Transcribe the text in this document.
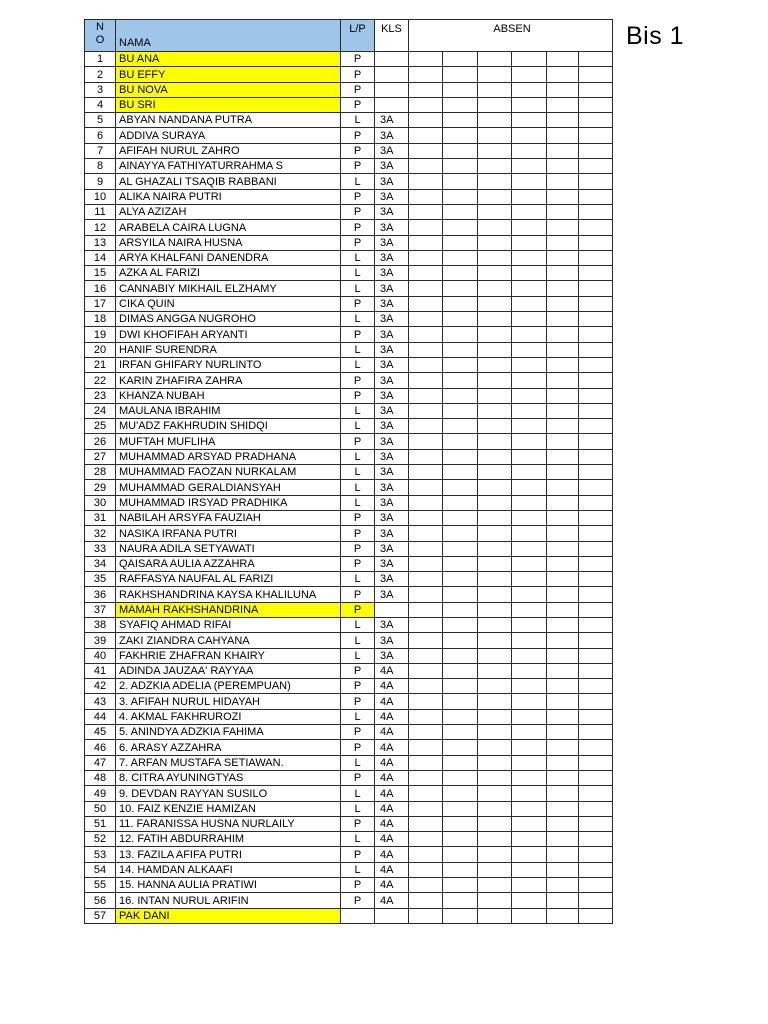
Bis 1
N
O	NAMA	L/P	KLS	ABSEN					
1	BU ANA	P							
2	BU EFFY	P							
3	BU NOVA	P							
4	BU SRI	P							
5	ABYAN NANDANA PUTRA	L	3A						
6	ADDIVA SURAYA	P	3A						
7	AFIFAH NURUL ZAHRO	P	3A						
8	AINAYYA FATHIYATURRAHMA S	P	3A						
9	AL GHAZALI TSAQIB RABBANI	L	3A						
10	ALIKA NAIRA PUTRI	P	3A						
11	ALYA AZIZAH	P	3A						
12	ARABELA CAIRA LUGNA	P	3A						
13	ARSYILA NAIRA HUSNA	P	3A						
14	ARYA KHALFANI DANENDRA	L	3A						
15	AZKA AL FARIZI	L	3A						
16	CANNABIY MIKHAIL ELZHAMY	L	3A						
17	CIKA QUIN	P	3A						
18	DIMAS ANGGA NUGROHO	L	3A						
19	DWI KHOFIFAH ARYANTI	P	3A						
20	HANIF SURENDRA	L	3A						
21	IRFAN GHIFARY NURLINTO	L	3A						
22	KARIN ZHAFIRA ZAHRA	P	3A						
23	KHANZA NUBAH	P	3A						
24	MAULANA IBRAHIM	L	3A						
25	MU'ADZ FAKHRUDIN SHIDQI	L	3A						
26	MUFTAH MUFLIHA	P	3A						
27	MUHAMMAD ARSYAD PRADHANA	L	3A						
28	MUHAMMAD FAOZAN NURKALAM	L	3A						
29	MUHAMMAD GERALDIANSYAH	L	3A						
30	MUHAMMAD IRSYAD PRADHIKA	L	3A						
31	NABILAH ARSYFA FAUZIAH	P	3A						
32	NASIKA IRFANA PUTRI	P	3A						
33	NAURA ADILA SETYAWATI	P	3A						
34	QAISARA AULIA AZZAHRA	P	3A						
35	RAFFASYA NAUFAL AL FARIZI	L	3A						
36	RAKHSHANDRINA KAYSA KHALILUNA	P	3A						
37	MAMAH RAKHSHANDRINA	P							
38	SYAFIQ AHMAD RIFAI	L	3A						
39	ZAKI ZIANDRA CAHYANA	L	3A						
40	FAKHRIE ZHAFRAN KHAIRY	L	3A						
41	ADINDA JAUZAA' RAYYAA	P	4A						
42	2. ADZKIA ADELIA (PEREMPUAN)	P	4A						
43	3. AFIFAH NURUL HIDAYAH	P	4A						
44	4. AKMAL FAKHRUROZI	L	4A						
45	5. ANINDYA ADZKIA FAHIMA	P	4A						
46	6. ARASY AZZAHRA	P	4A						
47	7. ARFAN MUSTAFA SETIAWAN.	L	4A						
48	8. CITRA AYUNINGTYAS	P	4A						
49	9. DEVDAN RAYYAN SUSILO	L	4A						
50	10. FAIZ KENZIE HAMIZAN	L	4A						
51	11. FARANISSA HUSNA NURLAILY	P	4A						
52	12. FATIH ABDURRAHIM	L	4A						
53	13. FAZILA AFIFA PUTRI	P	4A						
54	14. HAMDAN ALKAAFI	L	4A						
55	15. HANNA AULIA PRATIWI	P	4A						
56	16. INTAN NURUL ARIFIN	P	4A						
57	PAK DANI								
